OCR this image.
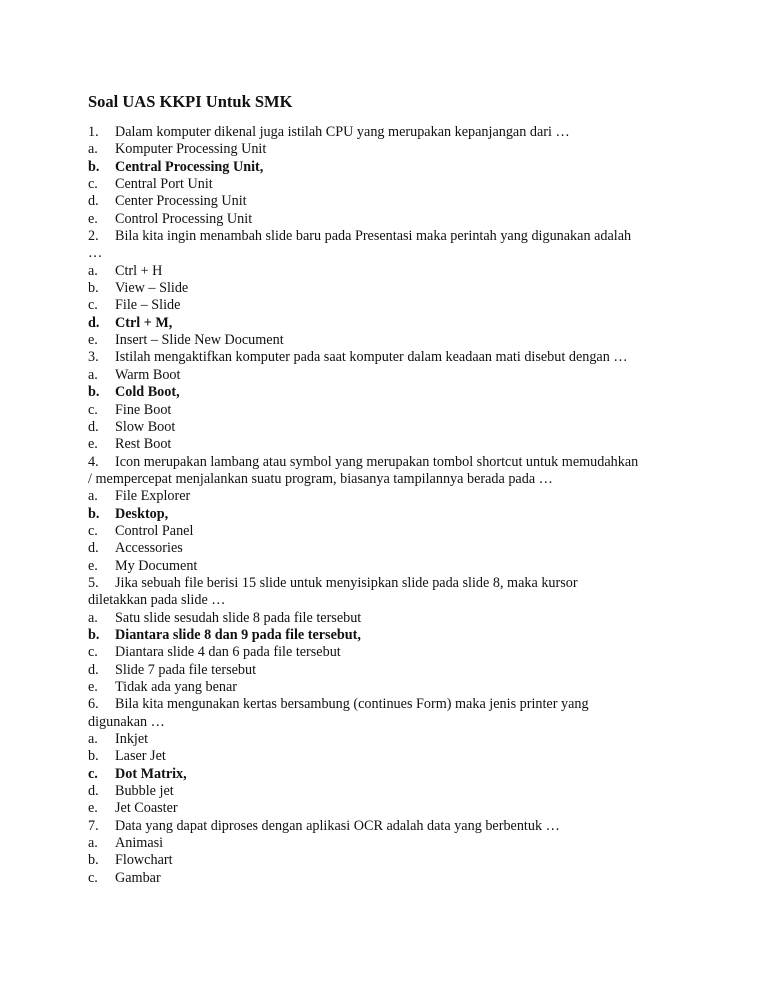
Soal UAS KKPI Untuk SMK
1. Dalam komputer dikenal juga istilah CPU yang merupakan kepanjangan dari …
a. Komputer Processing Unit
b. Central Processing Unit,
c. Central Port Unit
d. Center Processing Unit
e. Control Processing Unit
2. Bila kita ingin menambah slide baru pada Presentasi maka perintah yang digunakan adalah
…
a. Ctrl + H
b. View – Slide
c. File – Slide
d. Ctrl + M,
e. Insert – Slide New Document
3. Istilah mengaktifkan komputer pada saat komputer dalam keadaan mati disebut dengan …
a. Warm Boot
b. Cold Boot,
c. Fine Boot
d. Slow Boot
e. Rest Boot
4. Icon merupakan lambang atau symbol yang merupakan tombol shortcut untuk memudahkan
/ mempercepat menjalankan suatu program, biasanya tampilannya berada pada …
a. File Explorer
b. Desktop,
c. Control Panel
d. Accessories
e. My Document
5. Jika sebuah file berisi 15 slide untuk menyisipkan slide pada slide 8, maka kursor
diletakkan pada slide …
a. Satu slide sesudah slide 8 pada file tersebut
b. Diantara slide 8 dan 9 pada file tersebut,
c. Diantara slide 4 dan 6 pada file tersebut
d. Slide 7 pada file tersebut
e. Tidak ada yang benar
6. Bila kita mengunakan kertas bersambung (continues Form) maka jenis printer yang
digunakan …
a. Inkjet
b. Laser Jet
c. Dot Matrix,
d. Bubble jet
e. Jet Coaster
7. Data yang dapat diproses dengan aplikasi OCR adalah data yang berbentuk …
a. Animasi
b. Flowchart
c. Gambar
